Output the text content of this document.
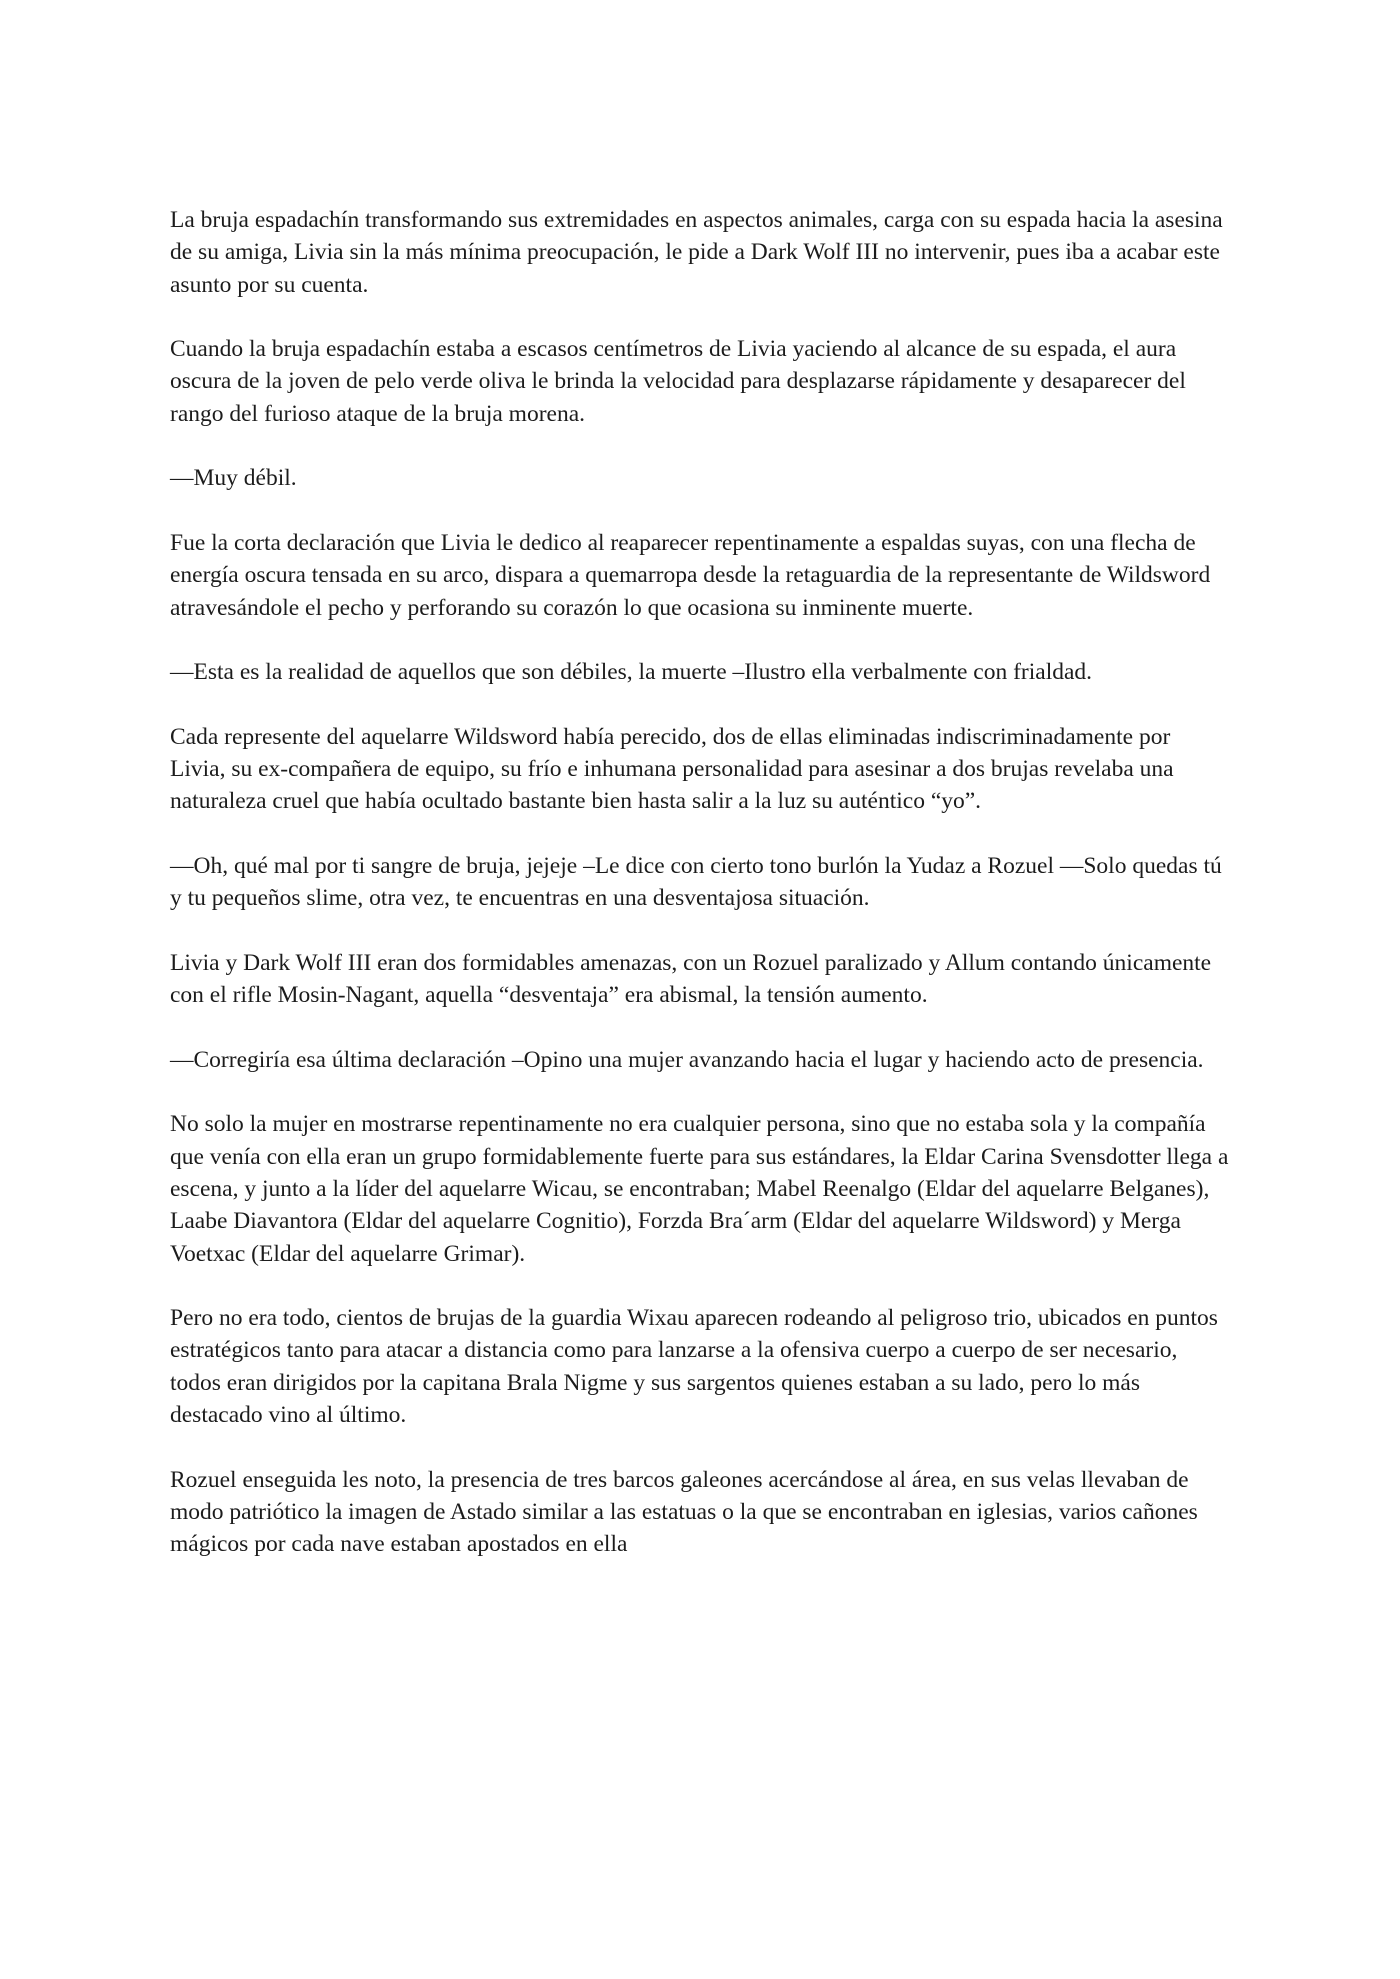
La bruja espadachín transformando sus extremidades en aspectos animales, carga con su espada hacia la asesina de su amiga, Livia sin la más mínima preocupación, le pide a Dark Wolf III no intervenir, pues iba a acabar este asunto por su cuenta.

Cuando la bruja espadachín estaba a escasos centímetros de Livia yaciendo al alcance de su espada, el aura oscura de la joven de pelo verde oliva le brinda la velocidad para desplazarse rápidamente y desaparecer del rango del furioso ataque de la bruja morena.

—Muy débil.

Fue la corta declaración que Livia le dedico al reaparecer repentinamente a espaldas suyas, con una flecha de energía oscura tensada en su arco, dispara a quemarropa desde la retaguardia de la representante de Wildsword atravesándole el pecho y perforando su corazón lo que ocasiona su inminente muerte.

—Esta es la realidad de aquellos que son débiles, la muerte –Ilustro ella verbalmente con frialdad.

Cada represente del aquelarre Wildsword había perecido, dos de ellas eliminadas indiscriminadamente por Livia, su ex-compañera de equipo, su frío e inhumana personalidad para asesinar a dos brujas revelaba una naturaleza cruel que había ocultado bastante bien hasta salir a la luz su auténtico “yo”.

—Oh, qué mal por ti sangre de bruja, jejeje –Le dice con cierto tono burlón la Yudaz a Rozuel —Solo quedas tú y tu pequeños slime, otra vez, te encuentras en una desventajosa situación.

Livia y Dark Wolf III eran dos formidables amenazas, con un Rozuel paralizado y Allum contando únicamente con el rifle Mosin-Nagant, aquella “desventaja” era abismal, la tensión aumento.

—Corregiría esa última declaración –Opino una mujer avanzando hacia el lugar y haciendo acto de presencia.

No solo la mujer en mostrarse repentinamente no era cualquier persona, sino que no estaba sola y la compañía que venía con ella eran un grupo formidablemente fuerte para sus estándares, la Eldar Carina Svensdotter llega a escena, y junto a la líder del aquelarre Wicau, se encontraban; Mabel Reenalgo (Eldar del aquelarre Belganes), Laabe Diavantora (Eldar del aquelarre Cognitio), Forzda Bra´arm (Eldar del aquelarre Wildsword) y Merga Voetxac (Eldar del aquelarre Grimar).

Pero no era todo, cientos de brujas de la guardia Wixau aparecen rodeando al peligroso trio, ubicados en puntos estratégicos tanto para atacar a distancia como para lanzarse a la ofensiva cuerpo a cuerpo de ser necesario, todos eran dirigidos por la capitana Brala Nigme y sus sargentos quienes estaban a su lado, pero lo más destacado vino al último.

Rozuel enseguida les noto, la presencia de tres barcos galeones acercándose al área, en sus velas llevaban de modo patriótico la imagen de Astado similar a las estatuas o la que se encontraban en iglesias, varios cañones mágicos por cada nave estaban apostados en ella
